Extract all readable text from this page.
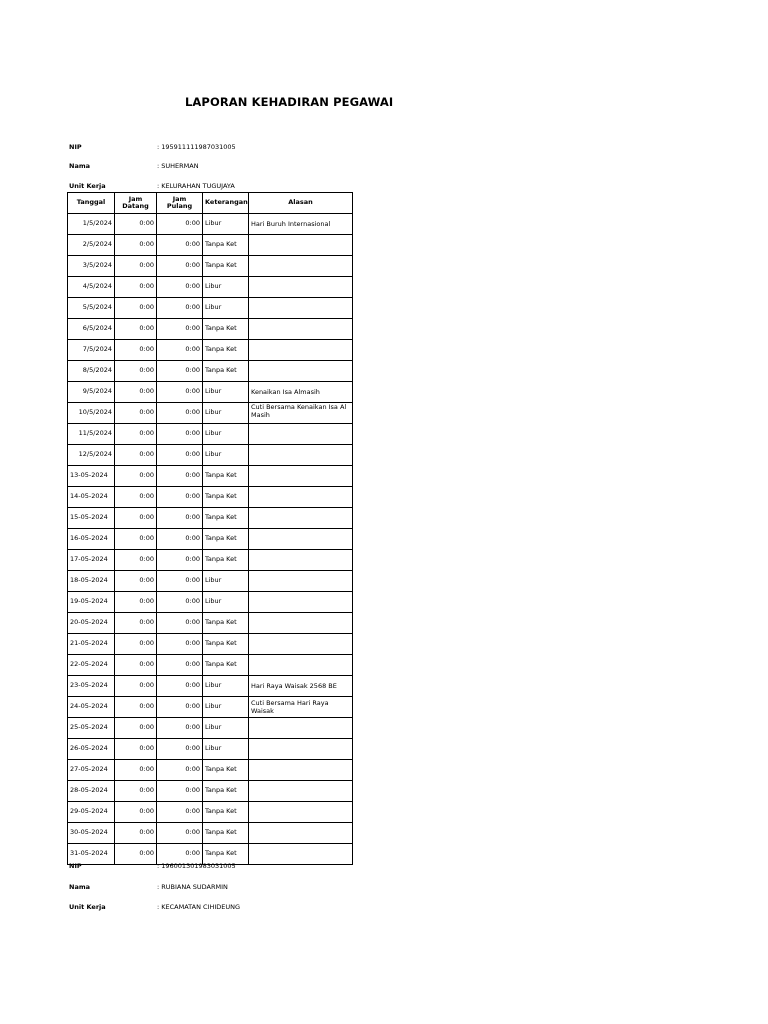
LAPORAN KEHADIRAN PEGAWAI
NIP	: 195911111987031005
Nama	: SUHERMAN
Unit Kerja	: KELURAHAN TUGUJAYA
Tanggal	Jam Datang	Jam Pulang	Keterangan	Alasan
1/5/2024	0:00	0:00	Libur	Hari Buruh Internasional
2/5/2024	0:00	0:00	Tanpa Ket	
3/5/2024	0:00	0:00	Tanpa Ket	
4/5/2024	0:00	0:00	Libur	
5/5/2024	0:00	0:00	Libur	
6/5/2024	0:00	0:00	Tanpa Ket	
7/5/2024	0:00	0:00	Tanpa Ket	
8/5/2024	0:00	0:00	Tanpa Ket	
9/5/2024	0:00	0:00	Libur	Kenaikan Isa Almasih
10/5/2024	0:00	0:00	Libur	Cuti Bersama Kenaikan Isa Al Masih
11/5/2024	0:00	0:00	Libur	
12/5/2024	0:00	0:00	Libur	
13-05-2024	0:00	0:00	Tanpa Ket	
14-05-2024	0:00	0:00	Tanpa Ket	
15-05-2024	0:00	0:00	Tanpa Ket	
16-05-2024	0:00	0:00	Tanpa Ket	
17-05-2024	0:00	0:00	Tanpa Ket	
18-05-2024	0:00	0:00	Libur	
19-05-2024	0:00	0:00	Libur	
20-05-2024	0:00	0:00	Tanpa Ket	
21-05-2024	0:00	0:00	Tanpa Ket	
22-05-2024	0:00	0:00	Tanpa Ket	
23-05-2024	0:00	0:00	Libur	Hari Raya Waisak 2568 BE
24-05-2024	0:00	0:00	Libur	Cuti Bersama Hari Raya Waisak
25-05-2024	0:00	0:00	Libur	
26-05-2024	0:00	0:00	Libur	
27-05-2024	0:00	0:00	Tanpa Ket	
28-05-2024	0:00	0:00	Tanpa Ket	
29-05-2024	0:00	0:00	Tanpa Ket	
30-05-2024	0:00	0:00	Tanpa Ket	
31-05-2024	0:00	0:00	Tanpa Ket	
NIP	: 196001301983031005
Nama	: RUBIANA SUDARMIN
Unit Kerja	: KECAMATAN CIHIDEUNG
